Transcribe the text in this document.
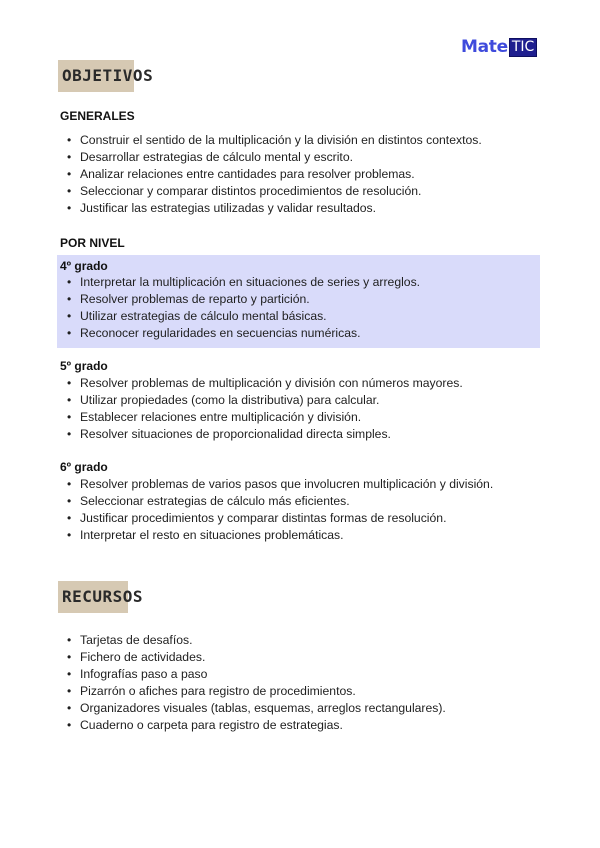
Mate TIC
OBJETIVOS
GENERALES
• Construir el sentido de la multiplicación y la división en distintos contextos.
• Desarrollar estrategias de cálculo mental y escrito.
• Analizar relaciones entre cantidades para resolver problemas.
• Seleccionar y comparar distintos procedimientos de resolución.
• Justificar las estrategias utilizadas y validar resultados.
POR NIVEL
4º grado
• Interpretar la multiplicación en situaciones de series y arreglos.
• Resolver problemas de reparto y partición.
• Utilizar estrategias de cálculo mental básicas.
• Reconocer regularidades en secuencias numéricas.
5º grado
• Resolver problemas de multiplicación y división con números mayores.
• Utilizar propiedades (como la distributiva) para calcular.
• Establecer relaciones entre multiplicación y división.
• Resolver situaciones de proporcionalidad directa simples.
6º grado
• Resolver problemas de varios pasos que involucren multiplicación y división.
• Seleccionar estrategias de cálculo más eficientes.
• Justificar procedimientos y comparar distintas formas de resolución.
• Interpretar el resto en situaciones problemáticas.
RECURSOS
• Tarjetas de desafíos.
• Fichero de actividades.
• Infografías paso a paso
• Pizarrón o afiches para registro de procedimientos.
• Organizadores visuales (tablas, esquemas, arreglos rectangulares).
• Cuaderno o carpeta para registro de estrategias.
